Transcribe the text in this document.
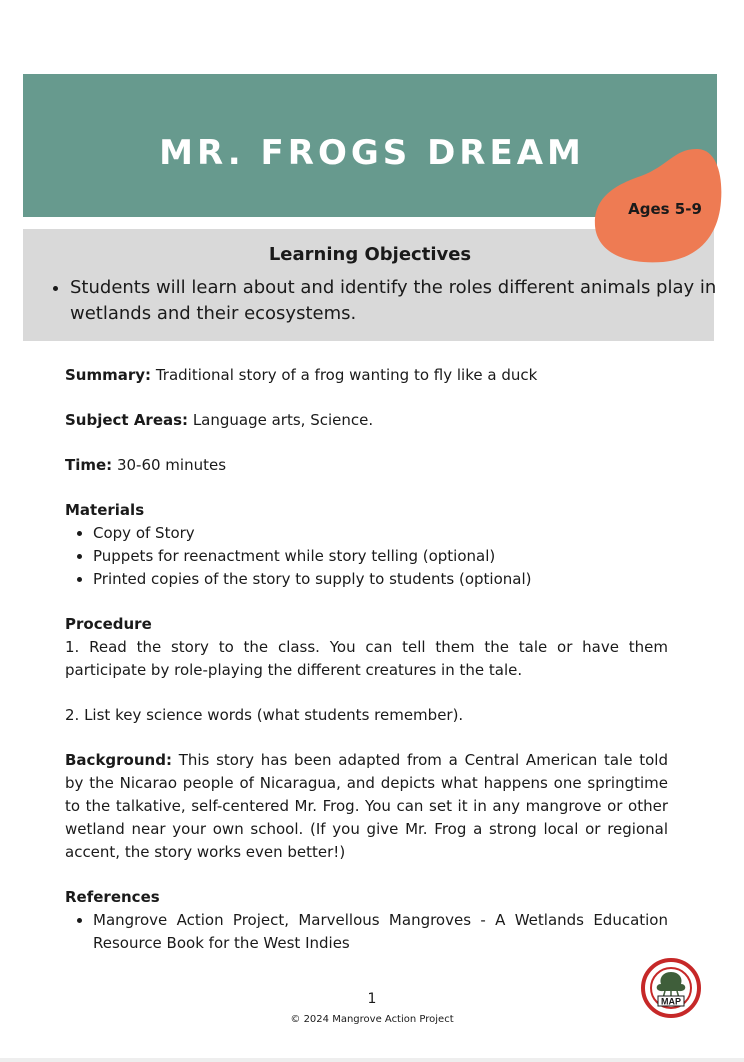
MR. FROGS DREAM
Learning Objectives
• Students will learn about and identify the roles different animals play in wetlands and their ecosystems.
Ages 5-9

Summary: Traditional story of a frog wanting to fly like a duck

Subject Areas: Language arts, Science.

Time: 30-60 minutes

Materials

• Copy of Story
• Puppets for reenactment while story telling (optional)
• Printed copies of the story to supply to students (optional)

Procedure

1. Read the story to the class. You can tell them the tale or have them participate by role-playing the different creatures in the tale.

2. List key science words (what students remember).

Background: This story has been adapted from a Central American tale told by the Nicarao people of Nicaragua, and depicts what happens one springtime to the talkative, self-centered Mr. Frog. You can set it in any mangrove or other wetland near your own school. (If you give Mr. Frog a strong local or regional accent, the story works even better!)

References

• Mangrove Action Project, Marvellous Mangroves - A Wetlands Education Resource Book for the West Indies
1
© 2024 Mangrove Action Project
MAP
